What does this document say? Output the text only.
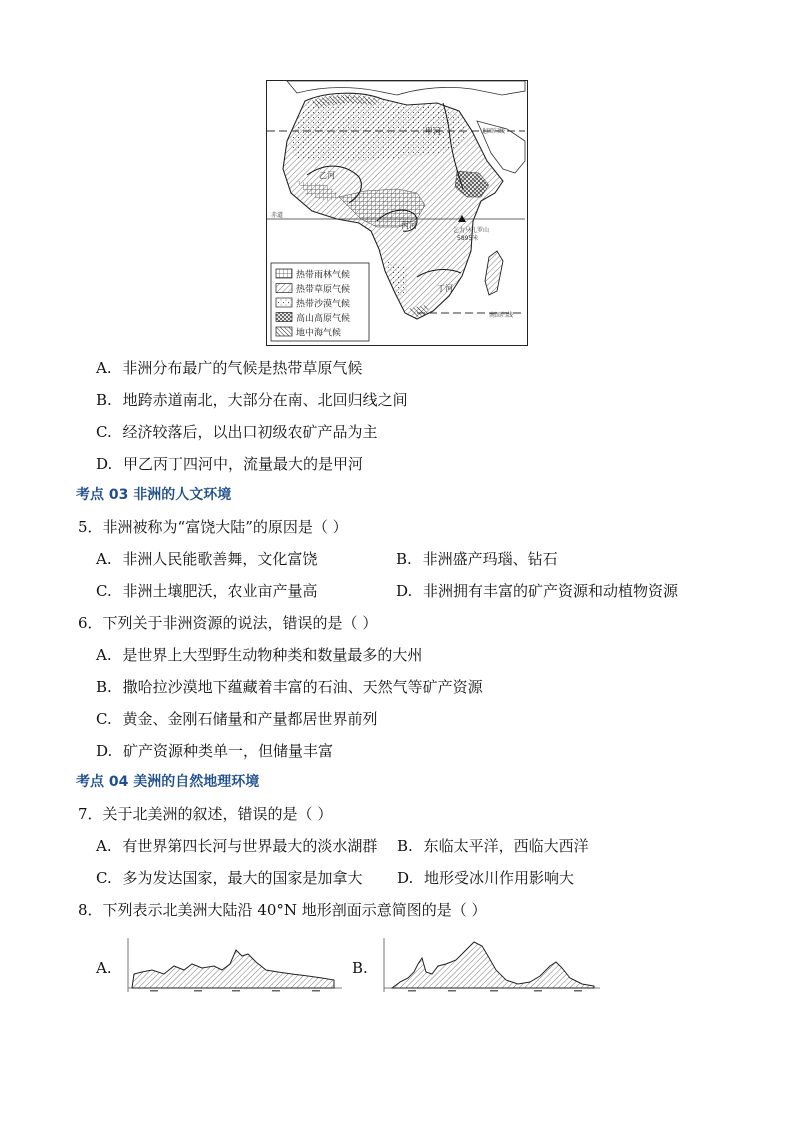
甲河
乙河
丙河
丁河
北回归线
赤道
南回归线
乞力马扎罗山
5895米
热带雨林气候
热带草原气候
热带沙漠气候
高山高原气候
地中海气候
A. 非洲分布最广的气候是热带草原气候
B. 地跨赤道南北，大部分在南、北回归线之间
C. 经济较落后，以出口初级农矿产品为主
D. 甲乙丙丁四河中，流量最大的是甲河
考点 03 非洲的人文环境
5．非洲被称为“富饶大陆”的原因是（ ）
A. 非洲人民能歌善舞，文化富饶	B. 非洲盛产玛瑙、钻石
C. 非洲土壤肥沃，农业亩产量高	D. 非洲拥有丰富的矿产资源和动植物资源
6．下列关于非洲资源的说法，错误的是（ ）
A. 是世界上大型野生动物种类和数量最多的大州
B. 撒哈拉沙漠地下蕴藏着丰富的石油、天然气等矿产资源
C. 黄金、金刚石储量和产量都居世界前列
D. 矿产资源种类单一，但储量丰富
考点 04 美洲的自然地理环境
7．关于北美洲的叙述，错误的是（ ）
A. 有世界第四长河与世界最大的淡水湖群 B. 东临太平洋，西临大西洋
C. 多为发达国家，最大的国家是加拿大 D. 地形受冰川作用影响大
8．下列表示北美洲大陆沿 40°N 地形剖面示意简图的是（ ）
A.	B.
